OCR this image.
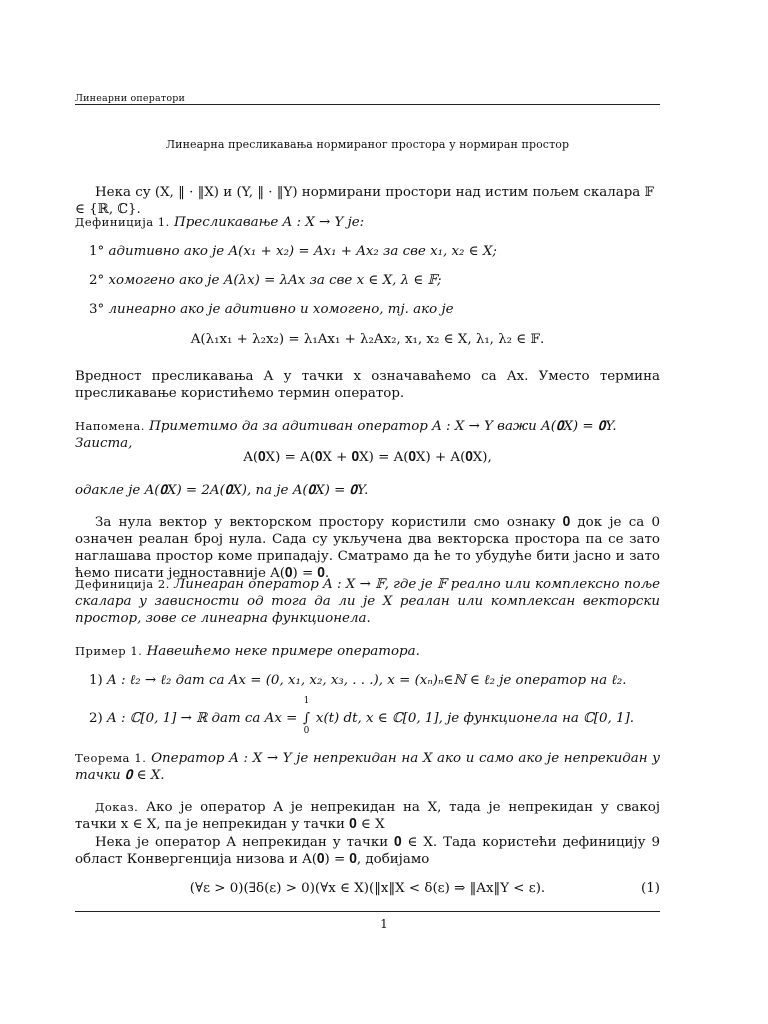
Линеарни оператори
Линеарна пресликавања нормираног простора у нормиран простор
Нека су (X, ‖ · ‖X) и (Y, ‖ · ‖Y) нормирани простори над истим пољем скалара 𝔽 ∈ {ℝ, ℂ}.
Дефиниција 1. Пресликавање A : X → Y је:
1° адитивно ако је A(x₁ + x₂) = Ax₁ + Ax₂ за све x₁, x₂ ∈ X;
2° хомогено ако је A(λx) = λAx за све x ∈ X, λ ∈ 𝔽;
3° линеарно ако је адитивно и хомогено, тј. ако је
A(λ₁x₁ + λ₂x₂) = λ₁Ax₁ + λ₂Ax₂, x₁, x₂ ∈ X, λ₁, λ₂ ∈ 𝔽.
Вредност пресликавања A у тачки x означаваћемо са Ax. Уместо термина пресликавање користићемо термин оператор.
Напомена. Приметимо да за адитиван оператор A : X → Y важи A(𝟎X) = 𝟎Y. Заиста,
A(𝟎X) = A(𝟎X + 𝟎X) = A(𝟎X) + A(𝟎X),
одакле је A(𝟎X) = 2A(𝟎X), па је A(𝟎X) = 𝟎Y.
За нула вектор у векторском простору користили смо ознаку 𝟎 док је са 0 означен реалан број нула. Сада су укључена два векторска простора па се зато наглашава простор коме припадају. Сматрамо да ће то убудуће бити јасно и зато ћемо писати једноставније A(𝟎) = 𝟎.
Дефиниција 2. Линеаран оператор A : X → 𝔽, где је 𝔽 реално или комплексно поље скалара у зависности од тога да ли је X реалан или комплексан векторски простор, зове се линеарна функционела.
Пример 1. Навешћемо неке примере оператора.
1) A : ℓ₂ → ℓ₂ дат са Ax = (0, x₁, x₂, x₃, . . .), x = (xₙ)ₙ∈ℕ ∈ ℓ₂ је оператор на ℓ₂.
2) A : ℂ[0, 1] → ℝ дат са Ax = ∫
1
0
x(t) dt, x ∈ ℂ[0, 1], је функционела на ℂ[0, 1].
Теорема 1. Оператор A : X → Y је непрекидан на X ако и само ако је непрекидан у тачки 𝟎 ∈ X.
Доказ. Ако је оператор A је непрекидан на X, тада је непрекидан у свакој тачки x ∈ X, па је непрекидан у тачки 𝟎 ∈ X
Нека је оператор A непрекидан у тачки 𝟎 ∈ X. Тада користећи дефиницију 9 област Конвергенција низова и A(𝟎) = 𝟎, добијамо
(∀ε > 0)(∃δ(ε) > 0)(∀x ∈ X)(‖x‖X < δ(ε) ⇒ ‖Ax‖Y < ε).	(1)
1
